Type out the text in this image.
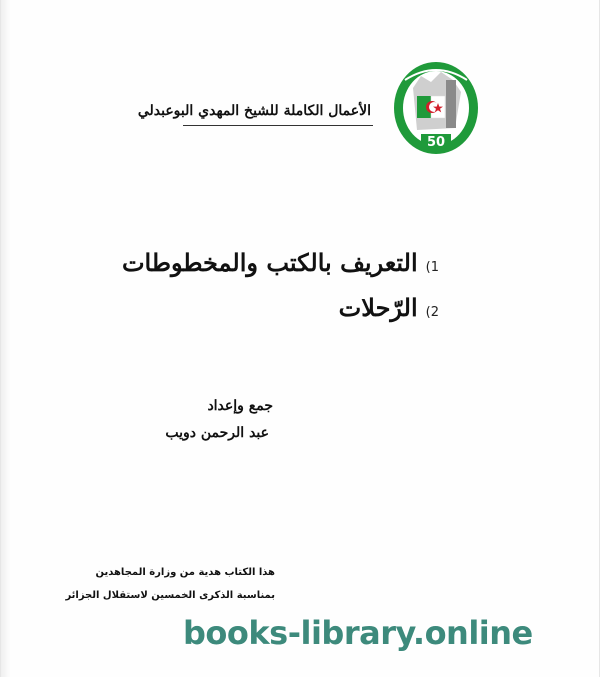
الأعمال الكاملة للشيخ المهدي البوعبدلي
50
1)
التعريف بالكتب والمخطوطات
2)
الرّحلات
جمع وإعداد
عبد الرحمن دويب
هذا الكتاب هدية من وزارة المجاهدين
بمناسبة الذكرى الخمسين لاستقلال الجزائر
books-library.online
